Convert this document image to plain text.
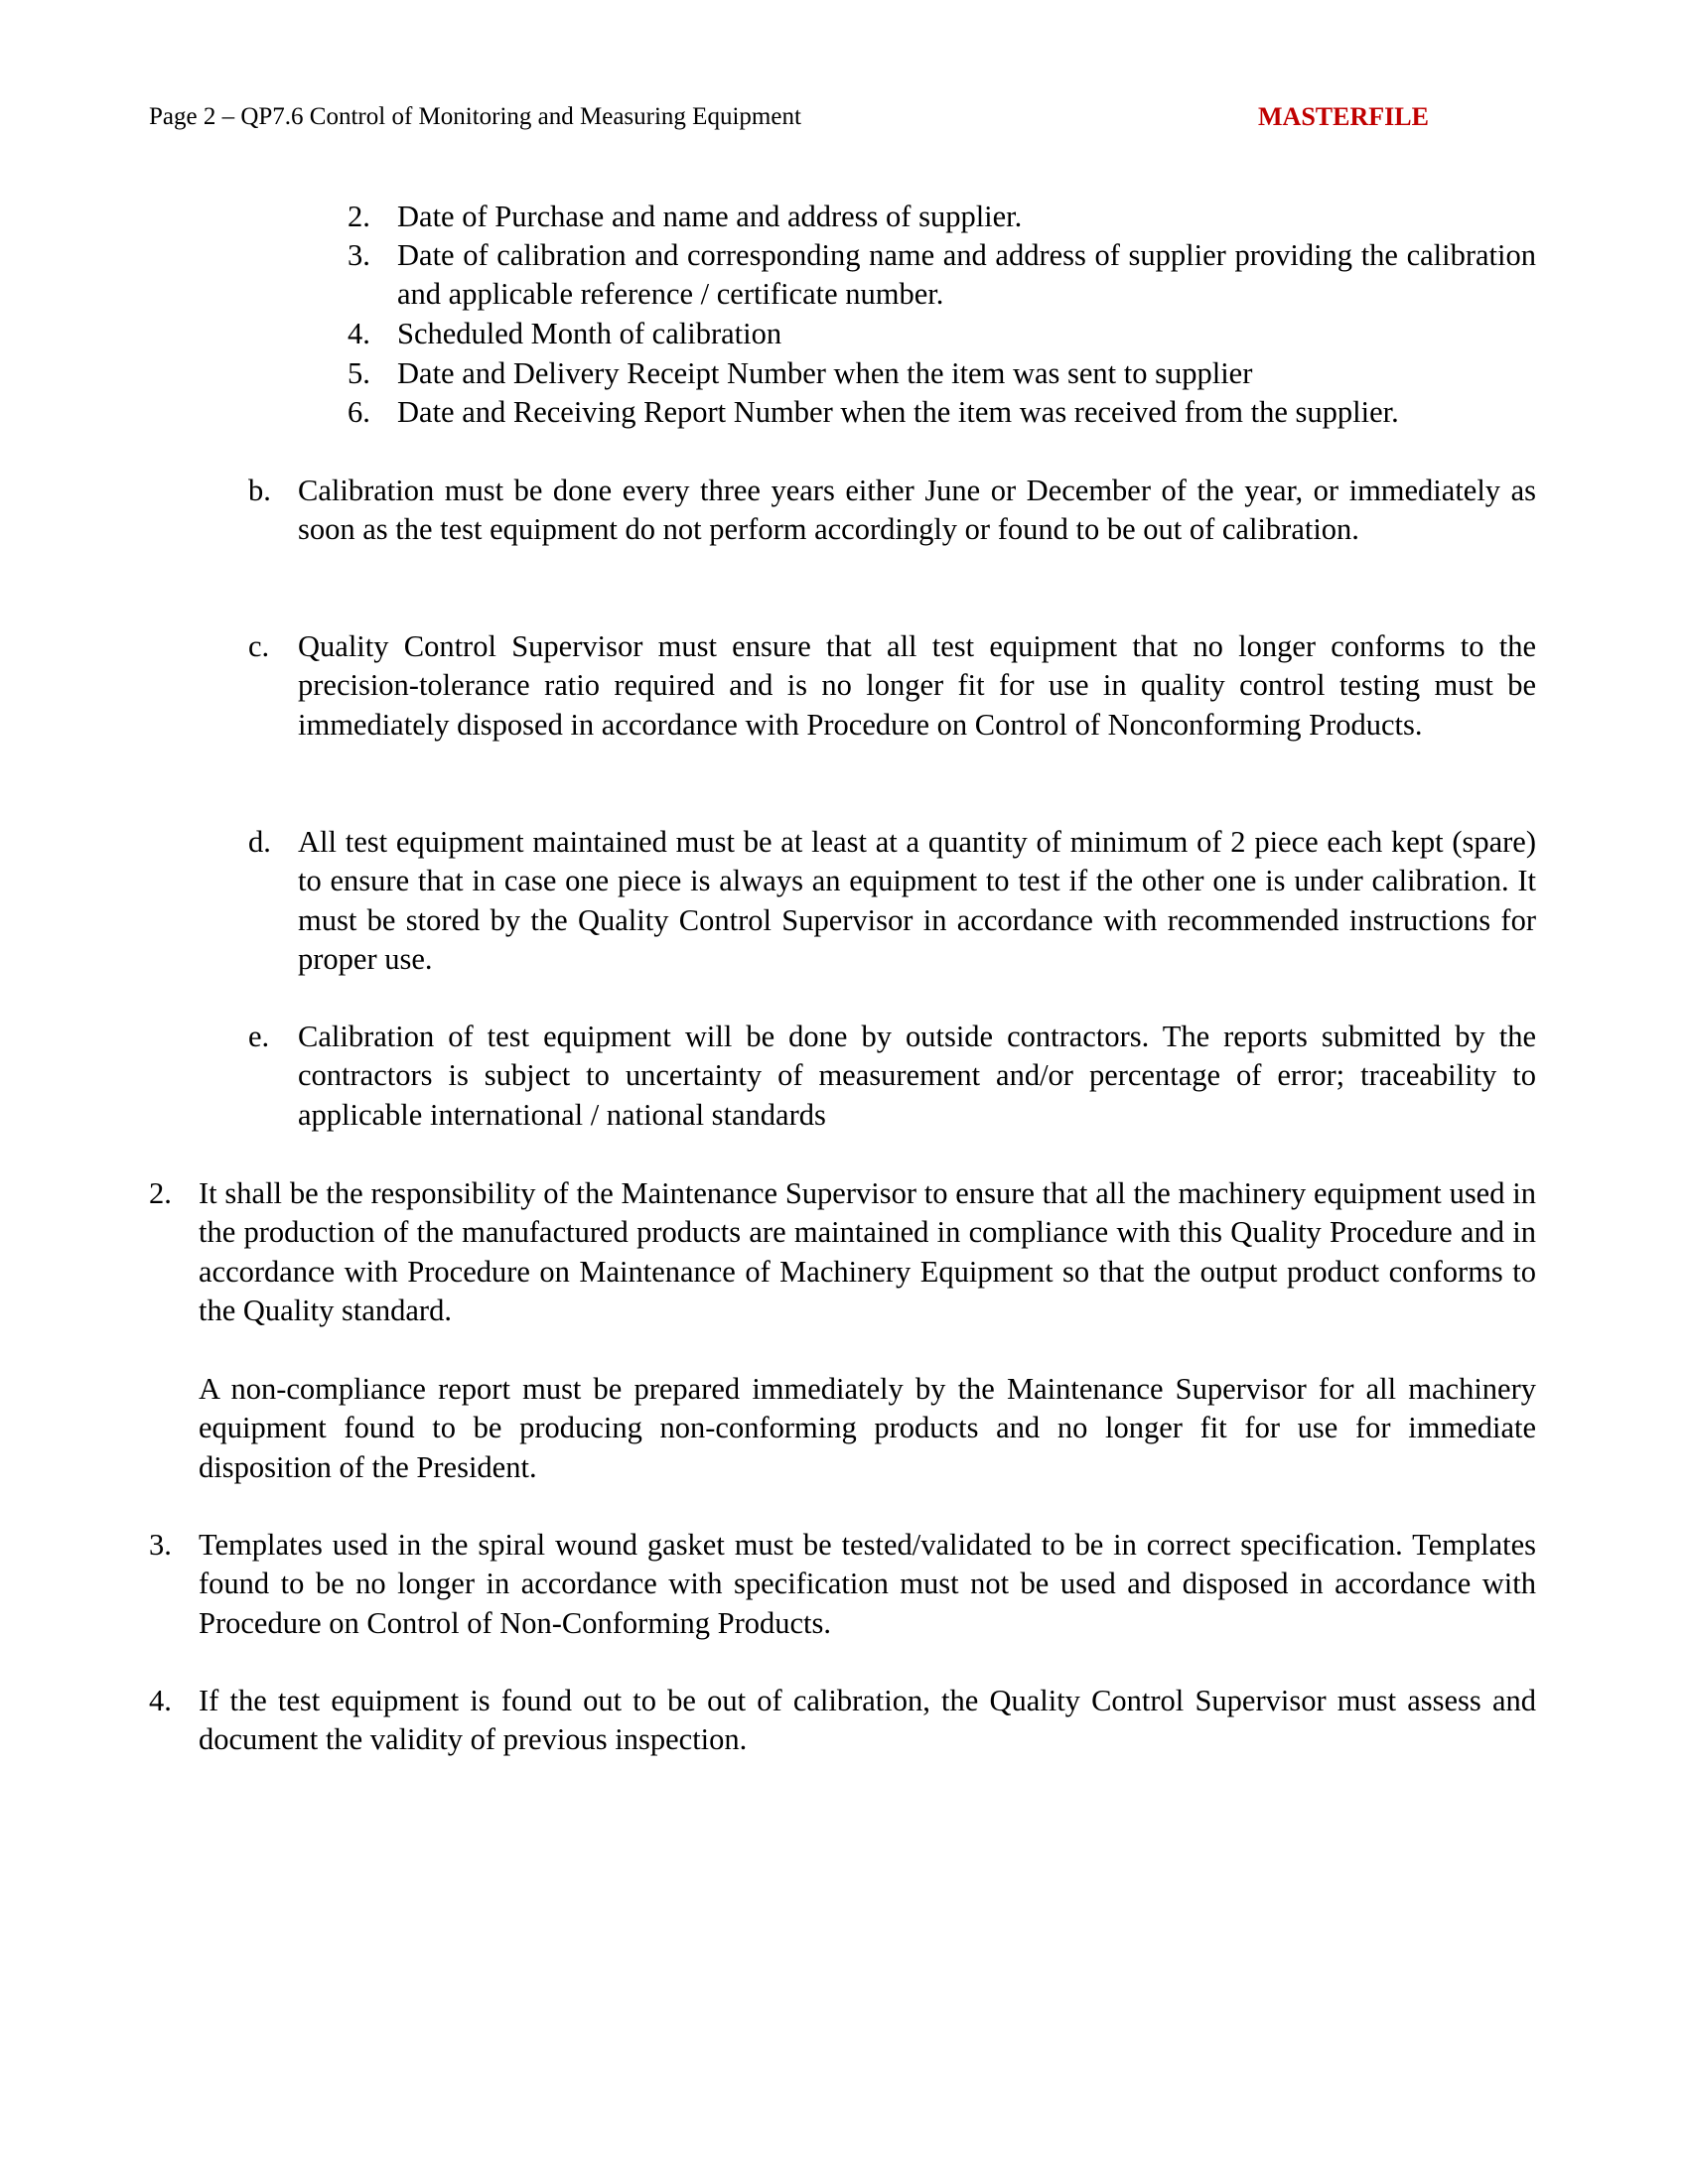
Page 2 – QP7.6 Control of Monitoring and Measuring Equipment	MASTERFILE
2. Date of Purchase and name and address of supplier.
3. Date of calibration and corresponding name and address of supplier providing the calibration and applicable reference / certificate number.
4. Scheduled Month of calibration
5. Date and Delivery Receipt Number when the item was sent to supplier
6. Date and Receiving Report Number when the item was received from the supplier.
b. Calibration must be done every three years either June or December of the year, or immediately as soon as the test equipment do not perform accordingly or found to be out of calibration.
c. Quality Control Supervisor must ensure that all test equipment that no longer conforms to the precision-tolerance ratio required and is no longer fit for use in quality control testing must be immediately disposed in accordance with Procedure on Control of Nonconforming Products.
d. All test equipment maintained must be at least at a quantity of minimum of 2 piece each kept (spare) to ensure that in case one piece is always an equipment to test if the other one is under calibration. It must be stored by the Quality Control Supervisor in accordance with recommended instructions for proper use.
e. Calibration of test equipment will be done by outside contractors. The reports submitted by the contractors is subject to uncertainty of measurement and/or percentage of error; traceability to applicable international / national standards
2. It shall be the responsibility of the Maintenance Supervisor to ensure that all the machinery equipment used in the production of the manufactured products are maintained in compliance with this Quality Procedure and in accordance with Procedure on Maintenance of Machinery Equipment so that the output product conforms to the Quality standard.
A non-compliance report must be prepared immediately by the Maintenance Supervisor for all machinery equipment found to be producing non-conforming products and no longer fit for use for immediate disposition of the President.
3. Templates used in the spiral wound gasket must be tested/validated to be in correct specification. Templates found to be no longer in accordance with specification must not be used and disposed in accordance with Procedure on Control of Non-Conforming Products.
4. If the test equipment is found out to be out of calibration, the Quality Control Supervisor must assess and document the validity of previous inspection.
